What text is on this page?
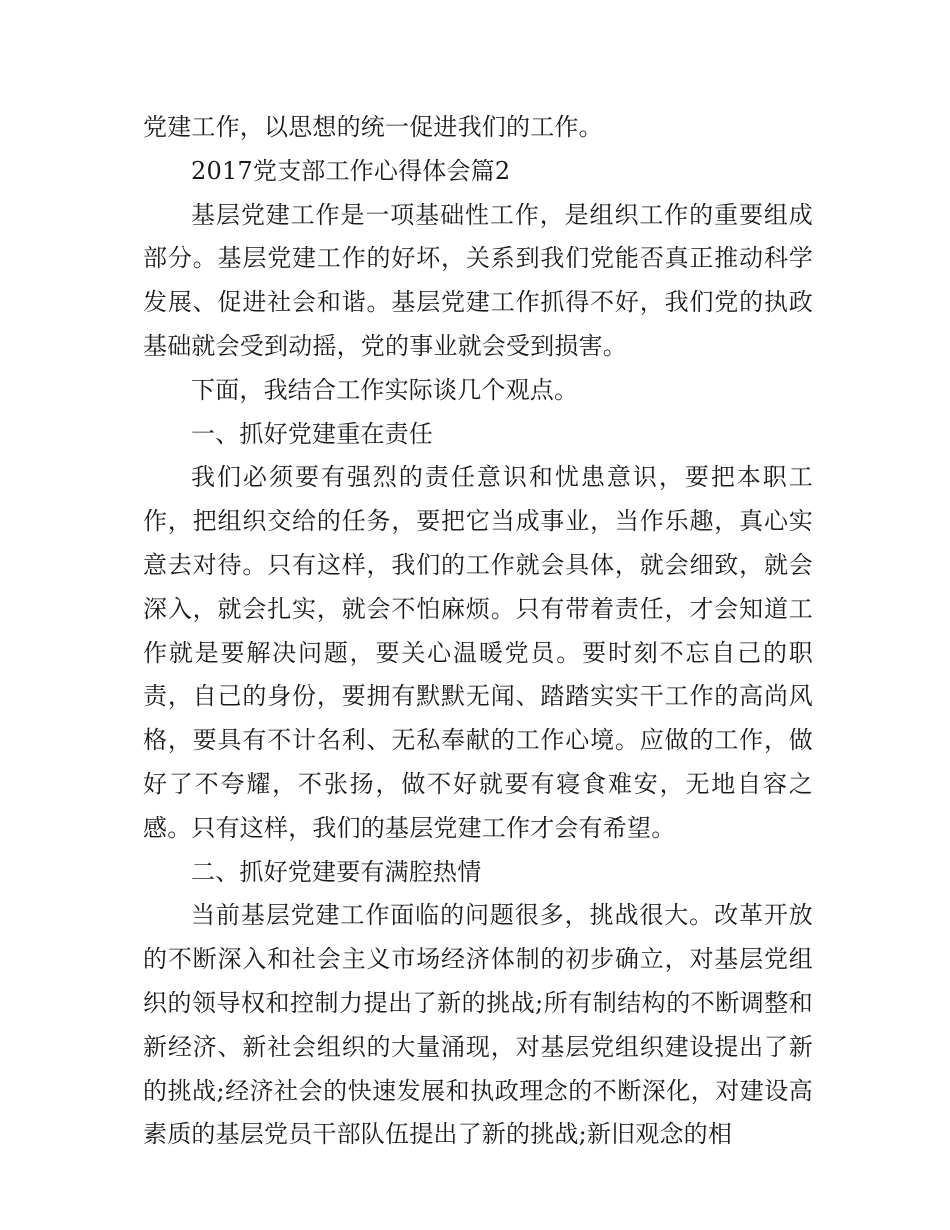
党建工作，以思想的统一促进我们的工作。

2017党支部工作心得体会篇2

基层党建工作是一项基础性工作，是组织工作的重要组成部分。基层党建工作的好坏，关系到我们党能否真正推动科学发展、促进社会和谐。基层党建工作抓得不好，我们党的执政基础就会受到动摇，党的事业就会受到损害。

下面，我结合工作实际谈几个观点。

一、抓好党建重在责任

我们必须要有强烈的责任意识和忧患意识，要把本职工作，把组织交给的任务，要把它当成事业，当作乐趣，真心实意去对待。只有这样，我们的工作就会具体，就会细致，就会深入，就会扎实，就会不怕麻烦。只有带着责任，才会知道工作就是要解决问题，要关心温暖党员。要时刻不忘自己的职责，自己的身份，要拥有默默无闻、踏踏实实干工作的高尚风格，要具有不计名利、无私奉献的工作心境。应做的工作，做好了不夸耀，不张扬，做不好就要有寝食难安，无地自容之感。只有这样，我们的基层党建工作才会有希望。

二、抓好党建要有满腔热情

当前基层党建工作面临的问题很多，挑战很大。改革开放的不断深入和社会主义市场经济体制的初步确立，对基层党组织的领导权和控制力提出了新的挑战;所有制结构的不断调整和新经济、新社会组织的大量涌现，对基层党组织建设提出了新的挑战;经济社会的快速发展和执政理念的不断深化，对建设高素质的基层党员干部队伍提出了新的挑战;新旧观念的相
